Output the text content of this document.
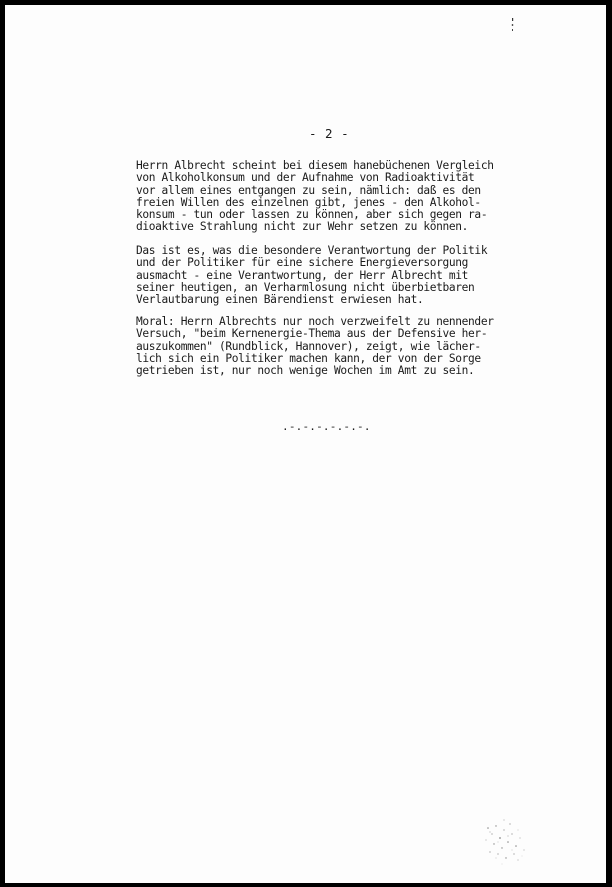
- 2 -
Herrn Albrecht scheint bei diesem hanebüchenen Vergleich
von Alkoholkonsum und der Aufnahme von Radioaktivität
vor allem eines entgangen zu sein, nämlich: daß es den
freien Willen des einzelnen gibt, jenes - den Alkohol-
konsum - tun oder lassen zu können, aber sich gegen ra-
dioaktive Strahlung nicht zur Wehr setzen zu können.
Das ist es, was die besondere Verantwortung der Politik
und der Politiker für eine sichere Energieversorgung
ausmacht - eine Verantwortung, der Herr Albrecht mit
seiner heutigen, an Verharmlosung nicht überbietbaren
Verlautbarung einen Bärendienst erwiesen hat.
Moral: Herrn Albrechts nur noch verzweifelt zu nennender
Versuch, "beim Kernenergie-Thema aus der Defensive her-
auszukommen" (Rundblick, Hannover), zeigt, wie lächer-
lich sich ein Politiker machen kann, der von der Sorge
getrieben ist, nur noch wenige Wochen im Amt zu sein.
.-.-.-.-.-.-.
